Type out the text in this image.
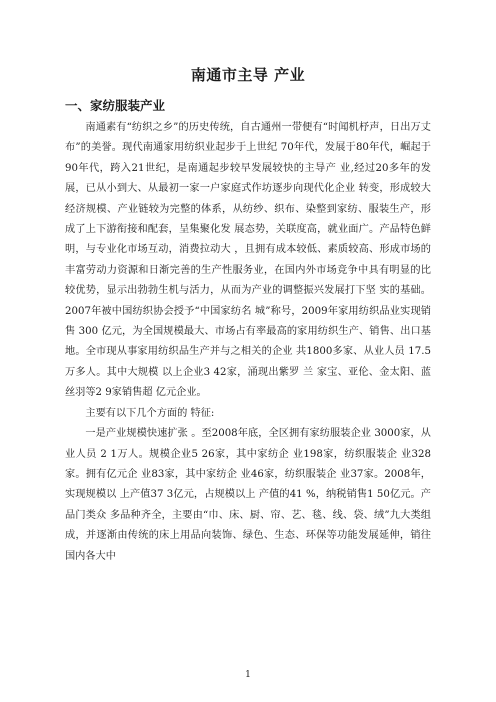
南通市主导 产业
一、家纺服装产业

南通素有“纺织之乡”的历史传统，自古通州一带便有“时闻机杼声，日出万丈布”的美誉。现代南通家用纺织业起步于上世纪 70年代，发展于80年代，崛起于90年代，跨入21世纪，是南通起步较早发展较快的主导产 业,经过20多年的发展，已从小到大、从最初一家一户家庭式作坊逐步向现代化企业 转变，形成较大经济规模、产业链较为完整的体系，从纺纱、织布、染整到家纺、服装生产，形成了上下游衔接和配套，呈集聚化发 展态势，关联度高，就业面广。产品特色鲜明，与专业化市场互动，消费拉动大 ，且拥有成本较低、素质较高、形成市场的丰富劳动力资源和日渐完善的生产性服务业，在国内外市场竞争中具有明显的比较优势，显示出勃勃生机与活力，从而为产业的调整振兴发展打下坚 实的基础。2007年被中国纺织协会授予“中国家纺名 城”称号，2009年家用纺织品业实现销售 300 亿元，为全国规模最大、市场占有率最高的家用纺织生产、销售、出口基地。全市现从事家用纺织品生产并与之相关的企业 共1800多家、从业人员 17.5万多人。其中大规模 以上企业3 42家，涌现出紫罗 兰 家宝、亚伦、金太阳、蓝丝羽等2 9家销售超 亿元企业。

主要有以下几个方面的 特征:

一是产业规模快速扩张 。至2008年底，全区拥有家纺服装企业 3000家，从业人员 2 1万人。规模企业5 26家，其中家纺企 业198家，纺织服装企 业328家。拥有亿元企 业83家，其中家纺企 业46家，纺织服装企 业37家。2008年，实现规模以 上产值37 3亿元，占规模以上 产值的41 %，纳税销售1 50亿元。产品门类众 多品种齐全，主要由“巾、床、厨、帘、艺、毯、线、袋、绒”九大类组成，并逐渐由传统的床上用品向装饰、绿色、生态、环保等功能发展延伸，销往国内各大中

1
